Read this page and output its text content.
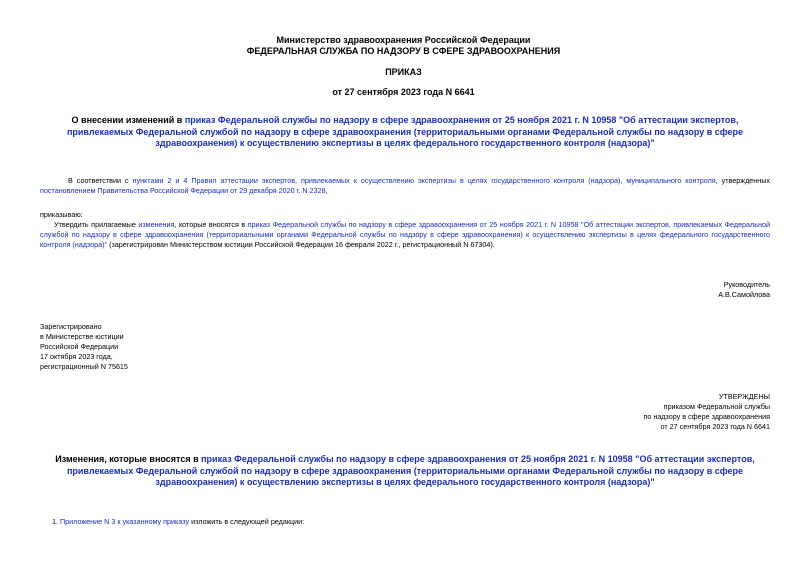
Министерство здравоохранения Российской Федерации
ФЕДЕРАЛЬНАЯ СЛУЖБА ПО НАДЗОРУ В СФЕРЕ ЗДРАВООХРАНЕНИЯ
ПРИКАЗ
от 27 сентября 2023 года N 6641
О внесении изменений в приказ Федеральной службы по надзору в сфере здравоохранения от 25 ноября 2021 г. N 10958 "Об аттестации экспертов, привлекаемых Федеральной службой по надзору в сфере здравоохранения (территориальными органами Федеральной службы по надзору в сфере здравоохранения) к осуществлению экспертизы в целях федерального государственного контроля (надзора)"
В соответствии с пунктами 2 и 4 Правил аттестации экспертов, привлекаемых к осуществлению экспертизы в целях государственного контроля (надзора), муниципального контроля, утвержденных постановлением Правительства Российской Федерации от 29 декабря 2020 г. N 2328,
приказываю:
Утвердить прилагаемые изменения, которые вносятся в приказ Федеральной службы по надзору в сфере здравоохранения от 25 ноября 2021 г. N 10958 "Об аттестации экспертов, привлекаемых Федеральной службой по надзору в сфере здравоохранения (территориальными органами Федеральной службы по надзору в сфере здравоохранения) к осуществлению экспертизы в целях федерального государственного контроля (надзора)" (зарегистрирован Министерством юстиции Российской Федерации 16 февраля 2022 г., регистрационный N 67304).
Руководитель
А.В.Самойлова
Зарегистрировано
в Министерстве юстиции
Российской Федерации
17 октября 2023 года,
регистрационный N 75615
УТВЕРЖДЕНЫ
приказом Федеральной службы
по надзору в сфере здравоохранения
от 27 сентября 2023 года N 6641
Изменения, которые вносятся в приказ Федеральной службы по надзору в сфере здравоохранения от 25 ноября 2021 г. N 10958 "Об аттестации экспертов, привлекаемых Федеральной службой по надзору в сфере здравоохранения (территориальными органами Федеральной службы по надзору в сфере здравоохранения) к осуществлению экспертизы в целях федерального государственного контроля (надзора)"
1. Приложение N 3 к указанному приказу изложить в следующей редакции:
